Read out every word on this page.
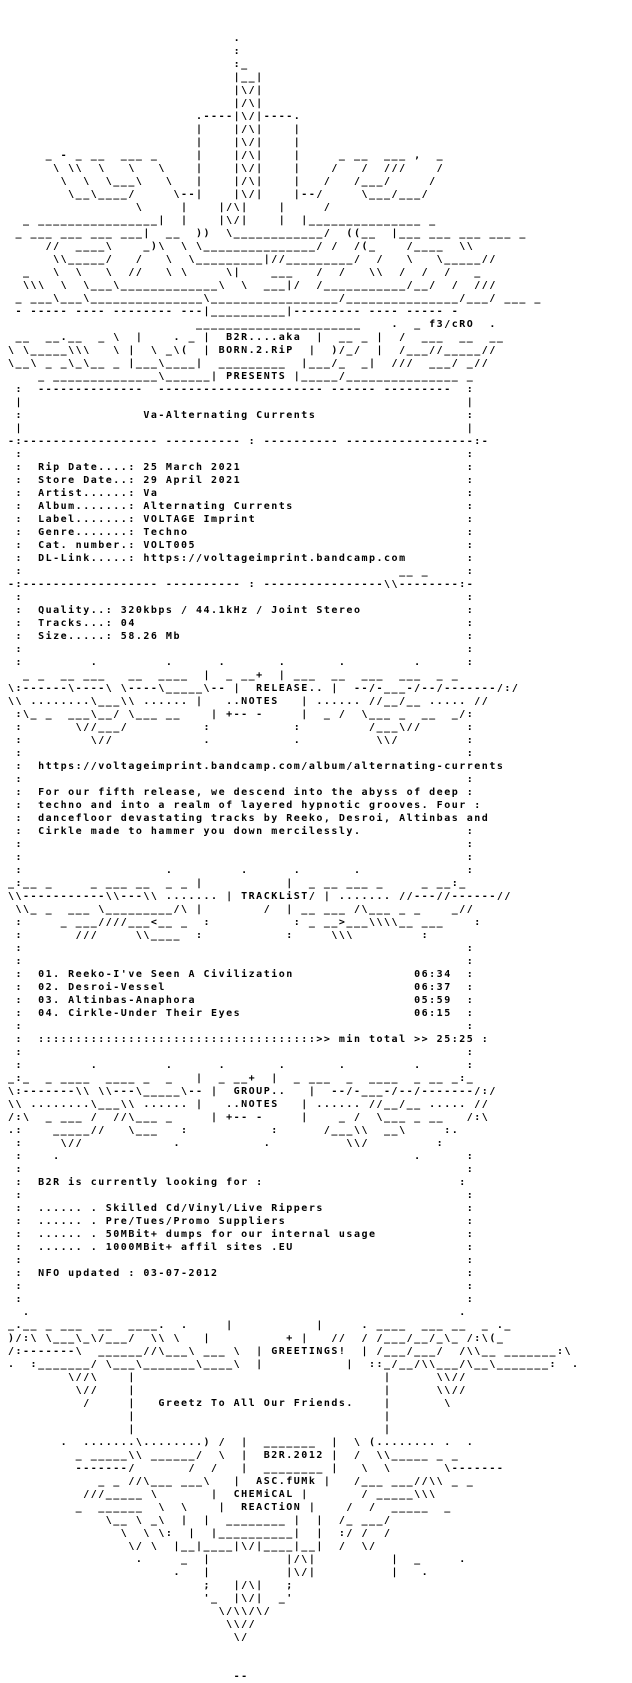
.
:
:_
|__|
|\/|
|/\|
.----|\/|----.
|    |/\|    |
|    |\/|    |
_ - _ __  ___ _     |    |/\|    |     _ __  ___ ,  _
\ \\  \   \   \    |    |\/|    |    /   /  ///    /
\  \  \___\   \   |    |/\|    |   /   /___/     /
\__\____/     \--|    |\/|    |--/     \___/___/
\     |    |/\|    |     /
_ ________________|  |    |\/|    |  |_______________ _
_ ___ ___ ___ ___|  __  ))  \____________/  ((__  |___ ___ ___ ___ _
//  ____\    _)\  \ \_______________/ /  /(_    /____  \\
\\_____/   /   \  \_________|//_________/  /   \   \_____//
_   \  \   \  //   \ \     \|    ___   /  /   \\  /  /  /   _
\\\  \  \___\_____________\  \  ___|/  /___________/__/  /  ///
_ ___\___\_______________\_________________/_______________/___/ ___ _
- ----- ---- -------- ---|__________|--------- ---- ----- -
______________________    .  _ f3/cRO  .
__  __.__  _ \  |    . _ |  B2R....aka  |  __ _ |  /  ___  __  __
\ \_____\\\   \ |  \ _\(  | BORN.2.RiP  |  )/_/  |  /___//_____//
\__\ _ _\_\__ _ |___\____|  _________  |___/_  _|  ///  ___/ _//
_ ______________\______| PRESENTS |_____/_______________ _
:  --------------  ---------------------- ------ ---------  :
|                                                           |
:                Va-Alternating Currents                    :
|                                                           |
-:------------------ ---------- : ---------- -----------------:-
:                                                           :
:  Rip Date....: 25 March 2021                              :
:  Store Date..: 29 April 2021                              :
:  Artist......: Va                                         :
:  Album.......: Alternating Currents                       :
:  Label.......: VOLTAGE Imprint                            :
:  Genre.......: Techno                                     :
:  Cat. number.: VOLT005                                    :
:  DL-Link.....: https://voltageimprint.bandcamp.com        :
:                                                  __ _     :
-:------------------ ---------- : ----------------\\--------:-
:                                                           :
:  Quality..: 320kbps / 44.1kHz / Joint Stereo              :
:  Tracks...: 04                                            :
:  Size.....: 58.26 Mb                                      :
:                                                           :
:         .         .      .       .       .         .      :
_ _  __ ___   __  ____  |  _ __+  | ___  __  ___  ___  _ _
\:------\----\ \----\_____\-- |  RELEASE.. |  --/-___-/--/-------/:/
\\ ........\___\\ ...... |   ..NOTES   | ...... //__/__ ..... //
:\_ _  ___\__/ \___ __    | +-- -     |  _ /  \___ _  __  _/:
:       \//___/          :           :         /___\//      :
:         \//            .           .          \\/         :
:                                                           :
:  https://voltageimprint.bandcamp.com/album/alternating-currents
:                                                           :
:  For our fifth release, we descend into the abyss of deep :
:  techno and into a realm of layered hypnotic grooves. Four :
:  dancefloor devastating tracks by Reeko, Desroi, Altinbas and
:  Cirkle made to hammer you down mercilessly.              :
:                                                           :
:                                                           :
:                   .         .      .       .              :
_:__ _     _ ___ __  _ _ |           |  _ __ ___ _     _ __:_
\\-----------\\---\\ ....... | TRACKLiST/ | ....... //---//------//
\\_ _  ___ \_________/\ |        /  | __ ___ /\___ _ _    _//
:     _ ___////___<__ _  :           : _ __>___\\\\__ ___    :
:       ///     \\____  :           :     \\\         :
:                                                           :
:                                                           :
:  01. Reeko-I've Seen A Civilization                06:34  :
:  02. Desroi-Vessel                                 06:37  :
:  03. Altinbas-Anaphora                             05:59  :
:  04. Cirkle-Under Their Eyes                       06:15  :
:                                                           :
:  :::::::::::::::::::::::::::::::::::::>> min total >> 25:25 :
:                                                           :
:         .         .      .       .       .         .      :
_:_  _ ____  ____ _  _   |  _ __+  |  _ ___  _  ____  _ __ _:_
\:-------\\ \\---\_____\-- |  GROUP..   |  --/-___-/--/-------/:/
\\ ........\___\\ ...... |   ..NOTES   | ...... //__/__ ..... //
/:\  _ ___ /  //\___ _     | +-- -     |    _ /  \___ _ __   /:\
.:    _____//   \___   :           :      /___\\  __\     :.
:     \//            .           .          \\/         :
:    .                                               .      :
:                                                           :
:  B2R is currently looking for :                          :
:                                                           :
:  ...... . Skilled Cd/Vinyl/Live Rippers                   :
:  ...... . Pre/Tues/Promo Suppliers                        :
:  ...... . 50MBit+ dumps for our internal usage            :
:  ...... . 1000MBit+ affil sites .EU                       :
:                                                           :
:  NFO updated : 03-07-2012                                 :
:                                                           :
:                                                           :
.                                                         .
_.__ _ ___  __  ____.  .     |           |     . ____  ___ __  _ ._
)/:\ \___\_\/___/  \\ \   |          + |   //  / /___/__/_\_ /:\(_
/:-------\  ______//\___\ ___ \  | GREETINGS!  | /___/___/  /\\__ _______:\
.  :_______/ \___\_______\____\  |           |  ::_/__/\\___/\__\_______:  .
\//\    |                                 |      \\//
\//    |                                 |      \\//
/     |   Greetz To All Our Friends.    |       \
|                                 |
|                                 |
.  .......\........) /  |  _______  |  \ (........ .  .
_ _____\\ ______/  \  |  B2R.2012 |  /  \\_____ _ _
-------/       /  /   |  ________ |   \  \       \-------
_ _ //\___ ___\   |  ASC.fUMk |   /___ ___//\\ _ _
///_____ \       |  CHEMiCAL |       / _____\\\
_  ______  \  \    |  REACTiON |    /  /  _____  _
\__ \ _\  |  |  ________ |  |  /_ ___/
\  \ \:  |  |__________|  |  :/ /  /
\/ \  |__|____|\/|____|__|  /  \/
.     _  |          |/\|          |  _     .
.   |          |\/|          |   .
;   |/\|   ;
'_  |\/|  _'
\/\\/\/
\\//
\/

--
